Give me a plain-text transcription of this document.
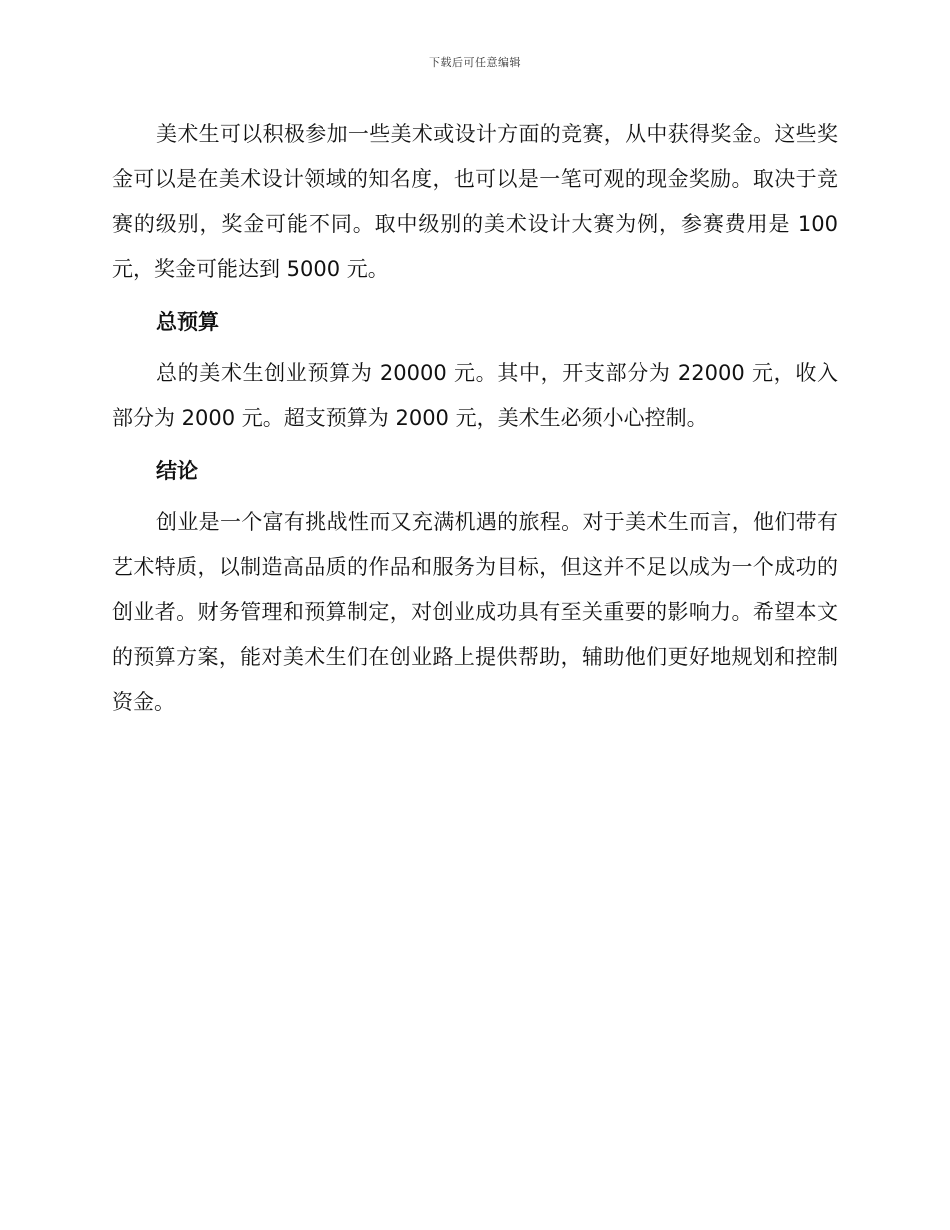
下载后可任意编辑

美术生可以积极参加一些美术或设计方面的竞赛，从中获得奖金。这些奖金可以是在美术设计领域的知名度，也可以是一笔可观的现金奖励。取决于竞赛的级别，奖金可能不同。取中级别的美术设计大赛为例，参赛费用是 100 元，奖金可能达到 5000 元。

总预算

总的美术生创业预算为 20000 元。其中，开支部分为 22000 元，收入部分为 2000 元。超支预算为 2000 元，美术生必须小心控制。

结论

创业是一个富有挑战性而又充满机遇的旅程。对于美术生而言，他们带有艺术特质，以制造高品质的作品和服务为目标，但这并不足以成为一个成功的创业者。财务管理和预算制定，对创业成功具有至关重要的影响力。希望本文的预算方案，能对美术生们在创业路上提供帮助，辅助他们更好地规划和控制资金。
